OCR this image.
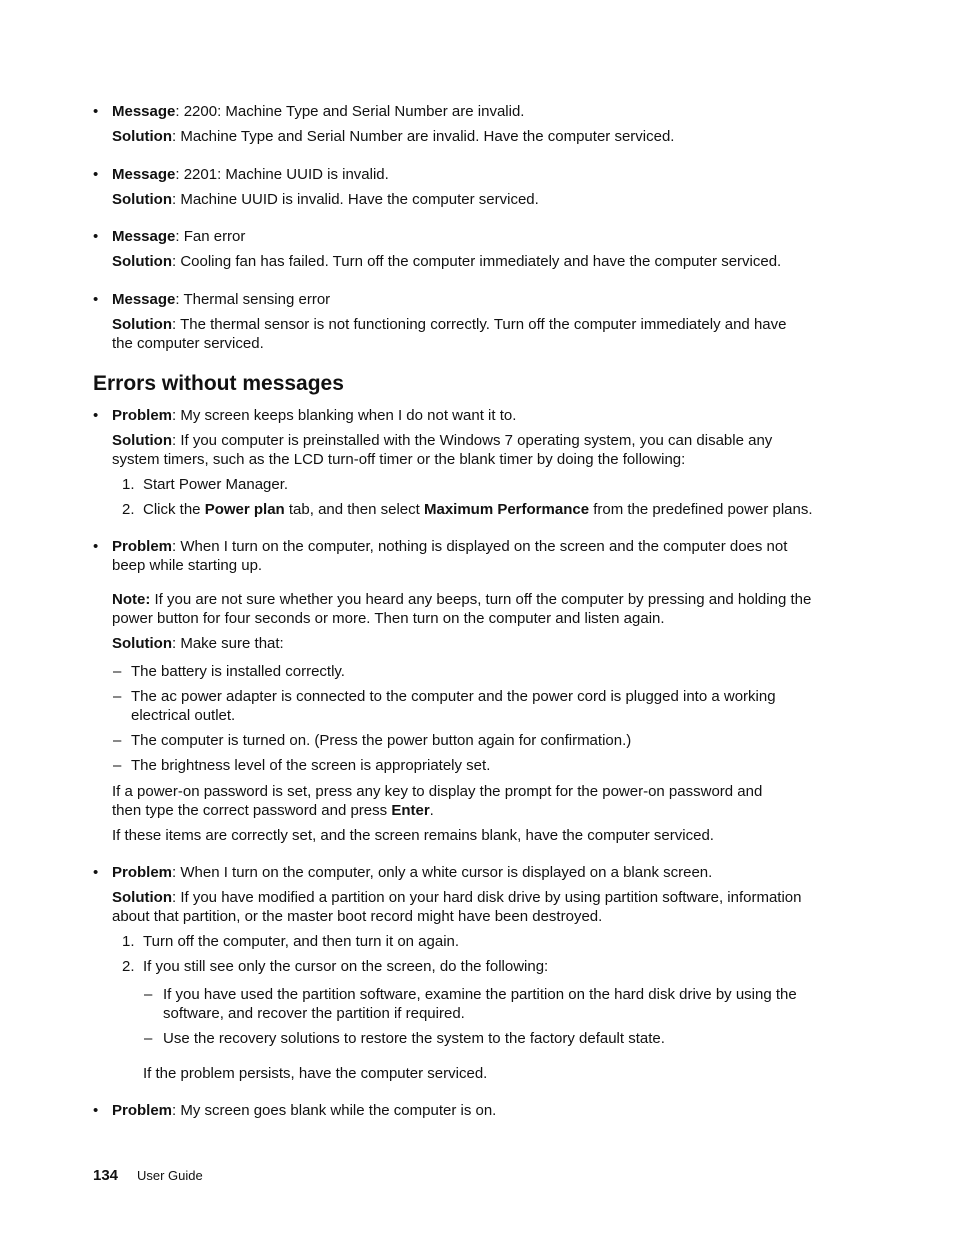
• Message: 2200: Machine Type and Serial Number are invalid.
Solution: Machine Type and Serial Number are invalid. Have the computer serviced.
• Message: 2201: Machine UUID is invalid.
Solution: Machine UUID is invalid. Have the computer serviced.
• Message: Fan error
Solution: Cooling fan has failed. Turn off the computer immediately and have the computer serviced.
• Message: Thermal sensing error
Solution: The thermal sensor is not functioning correctly. Turn off the computer immediately and have
the computer serviced.
Errors without messages
• Problem: My screen keeps blanking when I do not want it to.
Solution: If you computer is preinstalled with the Windows 7 operating system, you can disable any
system timers, such as the LCD turn-off timer or the blank timer by doing the following:
1. Start Power Manager.
2. Click the Power plan tab, and then select Maximum Performance from the predefined power plans.
• Problem: When I turn on the computer, nothing is displayed on the screen and the computer does not
beep while starting up.
Note: If you are not sure whether you heard any beeps, turn off the computer by pressing and holding the
power button for four seconds or more. Then turn on the computer and listen again.
Solution: Make sure that:
– The battery is installed correctly.
– The ac power adapter is connected to the computer and the power cord is plugged into a working
electrical outlet.
– The computer is turned on. (Press the power button again for confirmation.)
– The brightness level of the screen is appropriately set.
If a power-on password is set, press any key to display the prompt for the power-on password and
then type the correct password and press Enter.
If these items are correctly set, and the screen remains blank, have the computer serviced.
• Problem: When I turn on the computer, only a white cursor is displayed on a blank screen.
Solution: If you have modified a partition on your hard disk drive by using partition software, information
about that partition, or the master boot record might have been destroyed.
1. Turn off the computer, and then turn it on again.
2. If you still see only the cursor on the screen, do the following:
– If you have used the partition software, examine the partition on the hard disk drive by using the
software, and recover the partition if required.
– Use the recovery solutions to restore the system to the factory default state.
If the problem persists, have the computer serviced.
• Problem: My screen goes blank while the computer is on.
134 User Guide
